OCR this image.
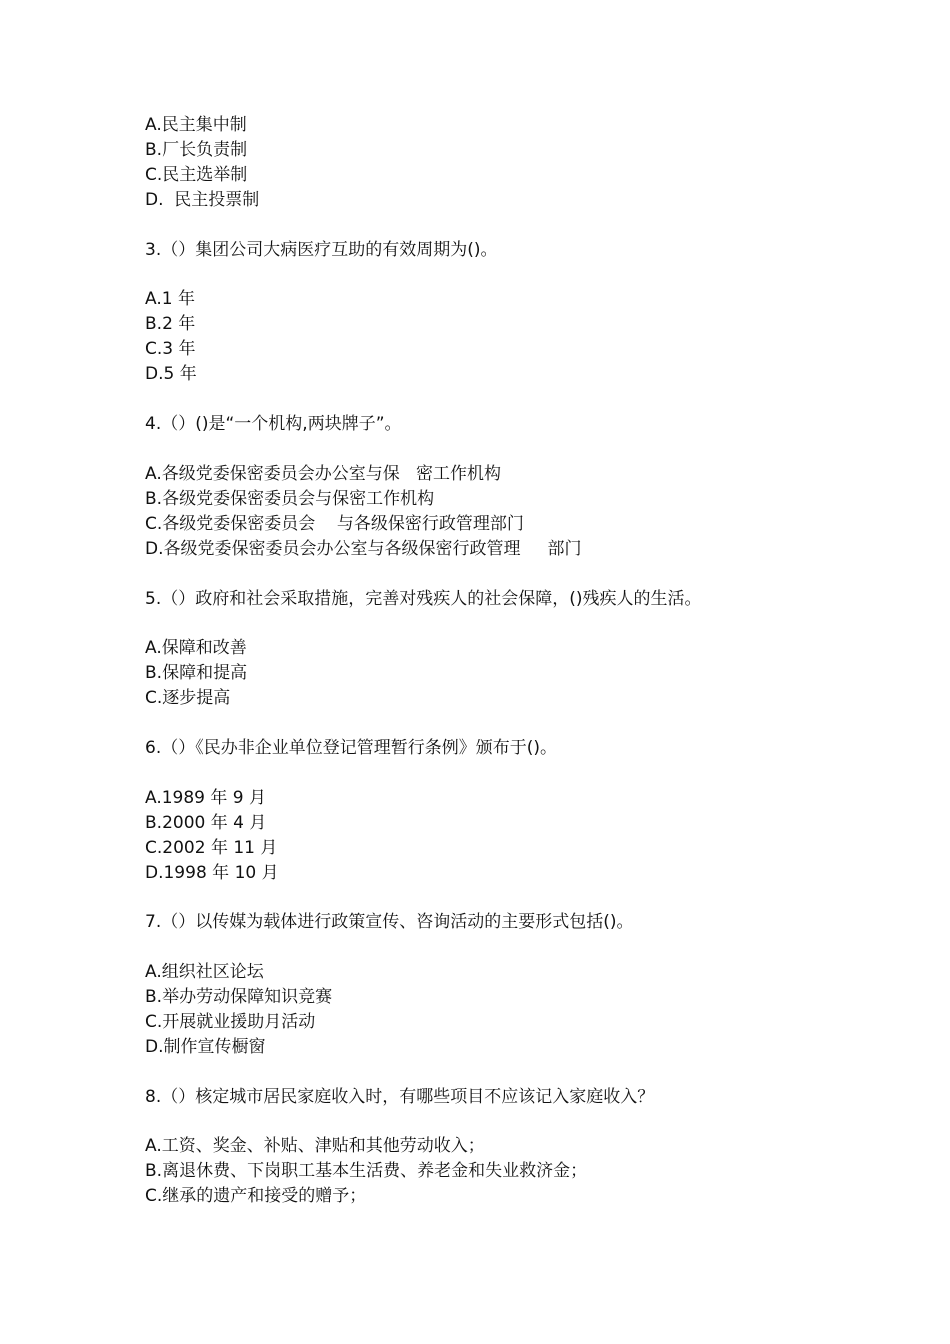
A.民主集中制
B.厂长负责制
C.民主选举制
D.  民主投票制
3.（）集团公司大病医疗互助的有效周期为()。
A.1 年
B.2 年
C.3 年
D.5 年
4.（）()是“一个机构,两块牌子”。
A.各级党委保密委员会办公室与保   密工作机构
B.各级党委保密委员会与保密工作机构
C.各级党委保密委员会    与各级保密行政管理部门
D.各级党委保密委员会办公室与各级保密行政管理     部门
5.（）政府和社会采取措施，完善对残疾人的社会保障，()残疾人的生活。
A.保障和改善
B.保障和提高
C.逐步提高
6.（）《民办非企业单位登记管理暂行条例》颁布于()。
A.1989 年 9 月
B.2000 年 4 月
C.2002 年 11 月
D.1998 年 10 月
7.（）以传媒为载体进行政策宣传、咨询活动的主要形式包括()。
A.组织社区论坛
B.举办劳动保障知识竞赛
C.开展就业援助月活动
D.制作宣传橱窗
8.（）核定城市居民家庭收入时，有哪些项目不应该记入家庭收入？
A.工资、奖金、补贴、津贴和其他劳动收入；
B.离退休费、下岗职工基本生活费、养老金和失业救济金；
C.继承的遗产和接受的赠予；
